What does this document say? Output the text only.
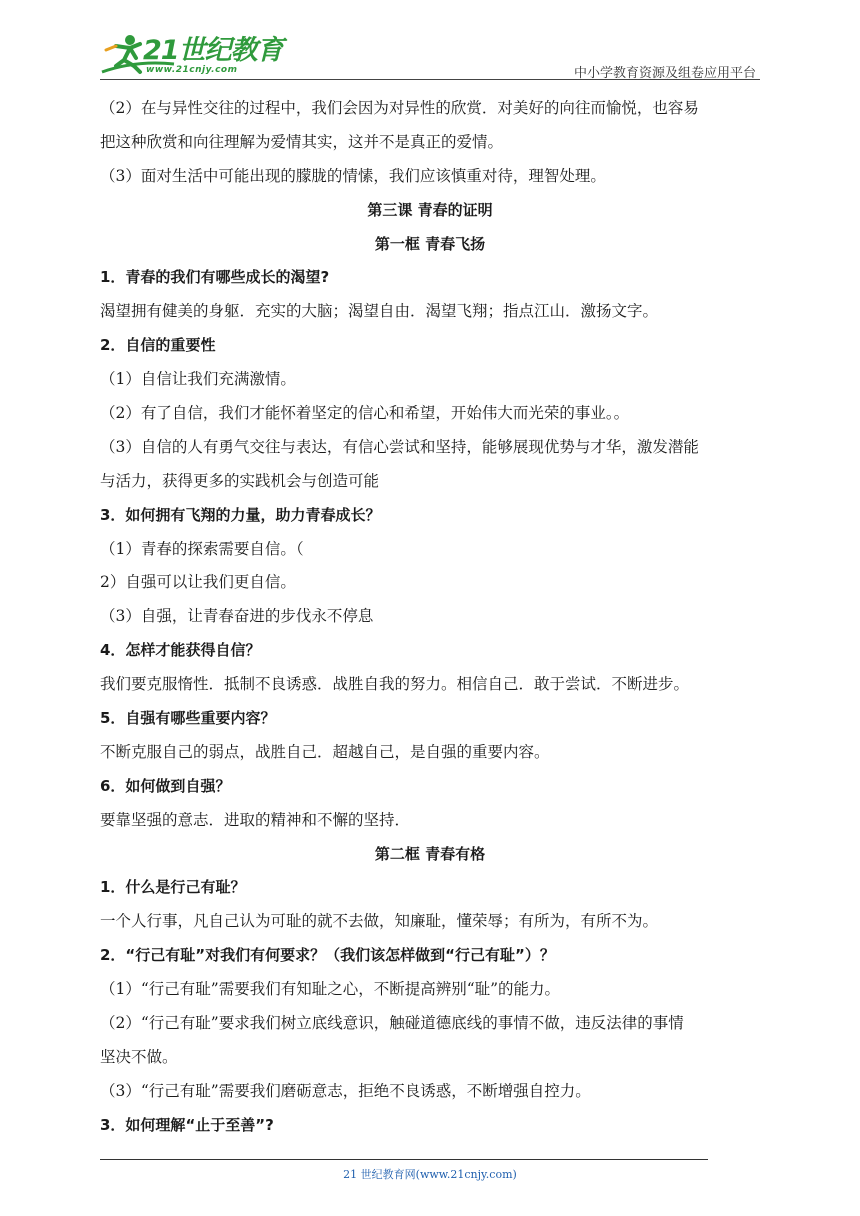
21世纪教育
www.21cnjy.com	中小学教育资源及组卷应用平台
（2）在与异性交往的过程中，我们会因为对异性的欣赏．对美好的向往而愉悦，也容易
把这种欣赏和向往理解为爱情其实，这并不是真正的爱情。
（3）面对生活中可能出现的朦胧的情愫，我们应该慎重对待，理智处理。
第三课 青春的证明
第一框 青春飞扬
1．青春的我们有哪些成长的渴望?
渴望拥有健美的身躯．充实的大脑；渴望自由．渴望飞翔；指点江山．激扬文字。
2．自信的重要性
（1）自信让我们充满激情。
（2）有了自信，我们才能怀着坚定的信心和希望，开始伟大而光荣的事业。。
（3）自信的人有勇气交往与表达，有信心尝试和坚持，能够展现优势与才华，激发潜能
与活力，获得更多的实践机会与创造可能
3．如何拥有飞翔的力量，助力青春成长？
（1）青春的探索需要自信。（
2）自强可以让我们更自信。
（3）自强，让青春奋进的步伐永不停息
4．怎样才能获得自信？
我们要克服惰性．抵制不良诱惑．战胜自我的努力。相信自己．敢于尝试．不断进步。
5．自强有哪些重要内容？
不断克服自己的弱点，战胜自己．超越自己，是自强的重要内容。
6．如何做到自强？
要靠坚强的意志．进取的精神和不懈的坚持．
第二框 青春有格
1．什么是行己有耻？
一个人行事，凡自己认为可耻的就不去做，知廉耻，懂荣辱；有所为，有所不为。
2．“行己有耻”对我们有何要求？（我们该怎样做到“行己有耻”）？
（1）“行己有耻”需要我们有知耻之心，不断提高辨别“耻”的能力。
（2）“行己有耻”要求我们树立底线意识，触碰道德底线的事情不做，违反法律的事情
坚决不做。
（3）“行己有耻”需要我们磨砺意志，拒绝不良诱惑，不断增强自控力。
3．如何理解“止于至善”?
21 世纪教育网(www.21cnjy.com)
